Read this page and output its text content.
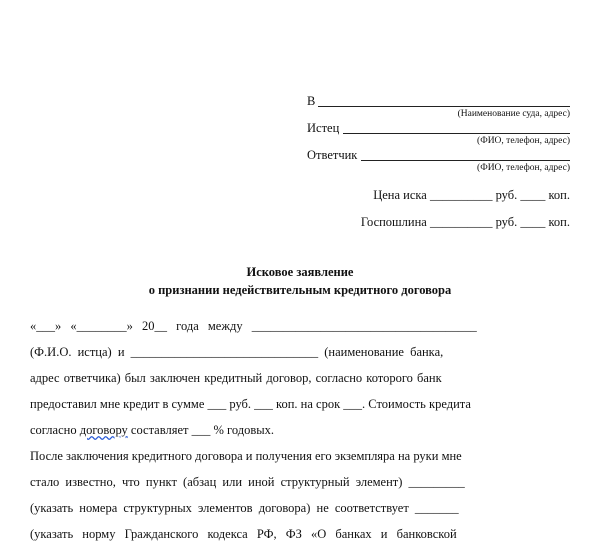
В
(Наименование суда, адрес)
Истец
(ФИО, телефон, адрес)
Ответчик
(ФИО, телефон, адрес)
Цена иска __________ руб. ____ коп.
Госпошлина __________ руб. ____ коп.
Исковое заявление
о признании недействительным кредитного договора
«___» «________» 20__ года между ____________________________________
(Ф.И.О. истца) и ______________________________ (наименование банка,
адрес ответчика) был заключен кредитный договор, согласно которого банк
предоставил мне кредит в сумме ___ руб. ___ коп. на срок ___. Стоимость кредита
согласно договору составляет ___ % годовых.
После заключения кредитного договора и получения его экземпляра на руки мне
стало известно, что пункт (абзац или иной структурный элемент) _________
(указать номера структурных элементов договора) не соответствует _______
(указать норму Гражданского кодекса РФ, ФЗ «О банках и банковской
